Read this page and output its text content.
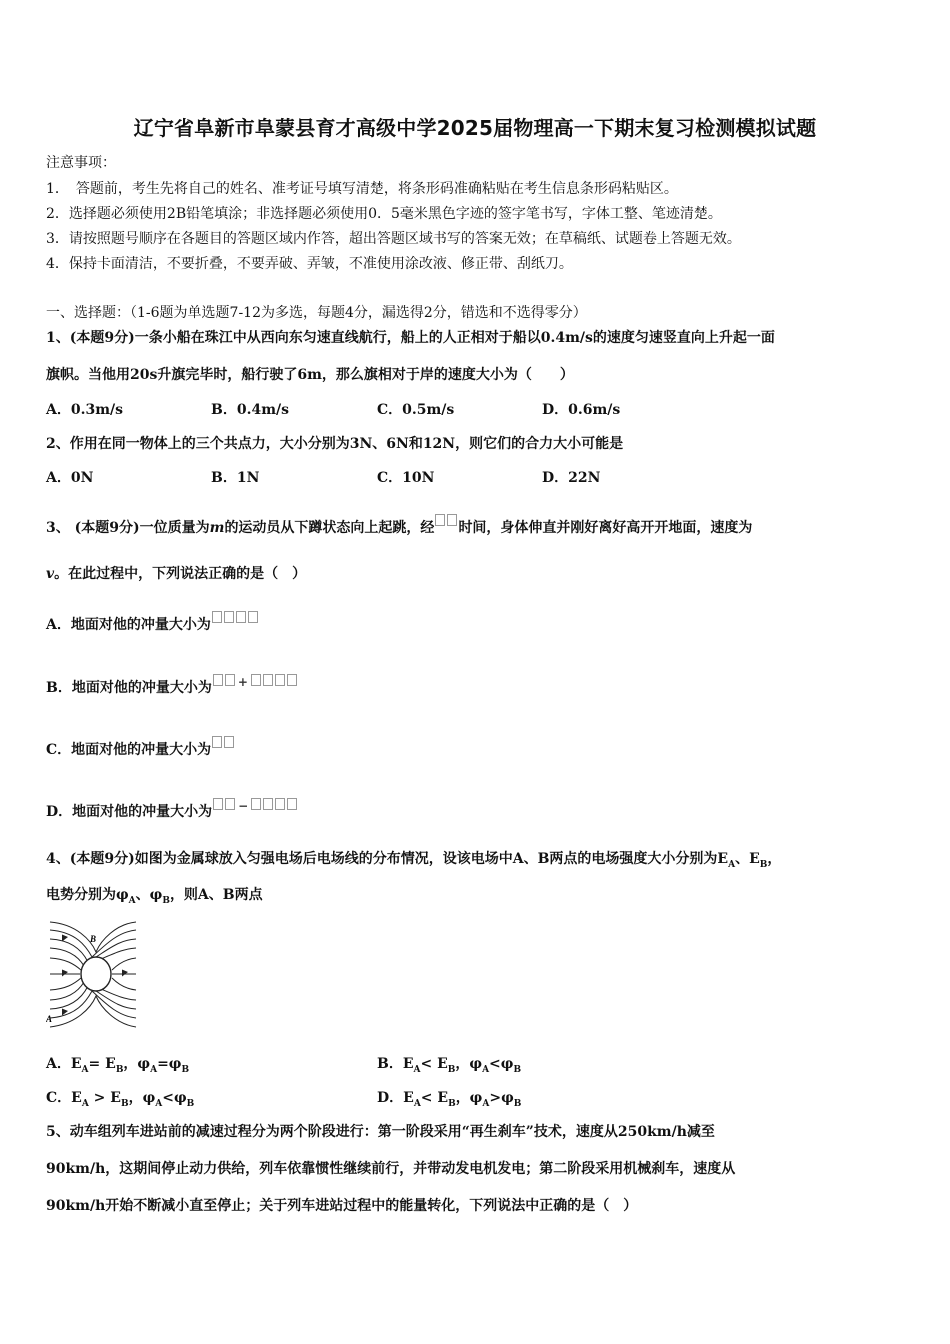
辽宁省阜新市阜蒙县育才高级中学2025届物理高一下期末复习检测模拟试题
注意事项：
1．　答题前，考生先将自己的姓名、准考证号填写清楚，将条形码准确粘贴在考生信息条形码粘贴区。
2．选择题必须使用2B铅笔填涂；非选择题必须使用0．5毫米黑色字迹的签字笔书写，字体工整、笔迹清楚。
3．请按照题号顺序在各题目的答题区域内作答，超出答题区域书写的答案无效；在草稿纸、试题卷上答题无效。
4．保持卡面清洁，不要折叠，不要弄破、弄皱，不准使用涂改液、修正带、刮纸刀。
一、选择题：（1-6题为单选题7-12为多选，每题4分，漏选得2分，错选和不选得零分）
1、(本题9分)一条小船在珠江中从西向东匀速直线航行，船上的人正相对于船以0.4m/s的速度匀速竖直向上升起一面
旗帜。当他用20s升旗完毕时，船行驶了6m，那么旗相对于岸的速度大小为（　　）
A．0.3m/s	B．0.4m/s	C．0.5m/s	D．0.6m/s
2、作用在同一物体上的三个共点力，大小分别为3N、6N和12N，则它们的合力大小可能是
A．0N	B．1N	C．10N	D．22N
3、 (本题9分)一位质量为m的运动员从下蹲状态向上起跳，经 时间，身体伸直并刚好离好高开开地面，速度为
v。在此过程中，下列说法正确的是（　）
A．地面对他的冲量大小为
B．地面对他的冲量大小为 +
C．地面对他的冲量大小为
D．地面对他的冲量大小为 −
4、(本题9分)如图为金属球放入匀强电场后电场线的分布情况，设该电场中A、B两点的电场强度大小分别为$E_A$、$E_B$，
电势分别为$\varphi_A$、$\varphi_B$，则A、B两点
B
A
A．$E_A= E_B$，$\varphi_A=\varphi_B$	B．$E_A< E_B$，$\varphi_A<\varphi_B$
C．$E_A > E_B$，$\varphi_A<\varphi_B$	D．$E_A< E_B$，$\varphi_A>\varphi_B$
5、动车组列车进站前的减速过程分为两个阶段进行：第一阶段采用“再生刹车”技术，速度从250km/h减至
90km/h，这期间停止动力供给，列车依靠惯性继续前行，并带动发电机发电；第二阶段采用机械刹车，速度从
90km/h开始不断减小直至停止；关于列车进站过程中的能量转化，下列说法中正确的是（　）
